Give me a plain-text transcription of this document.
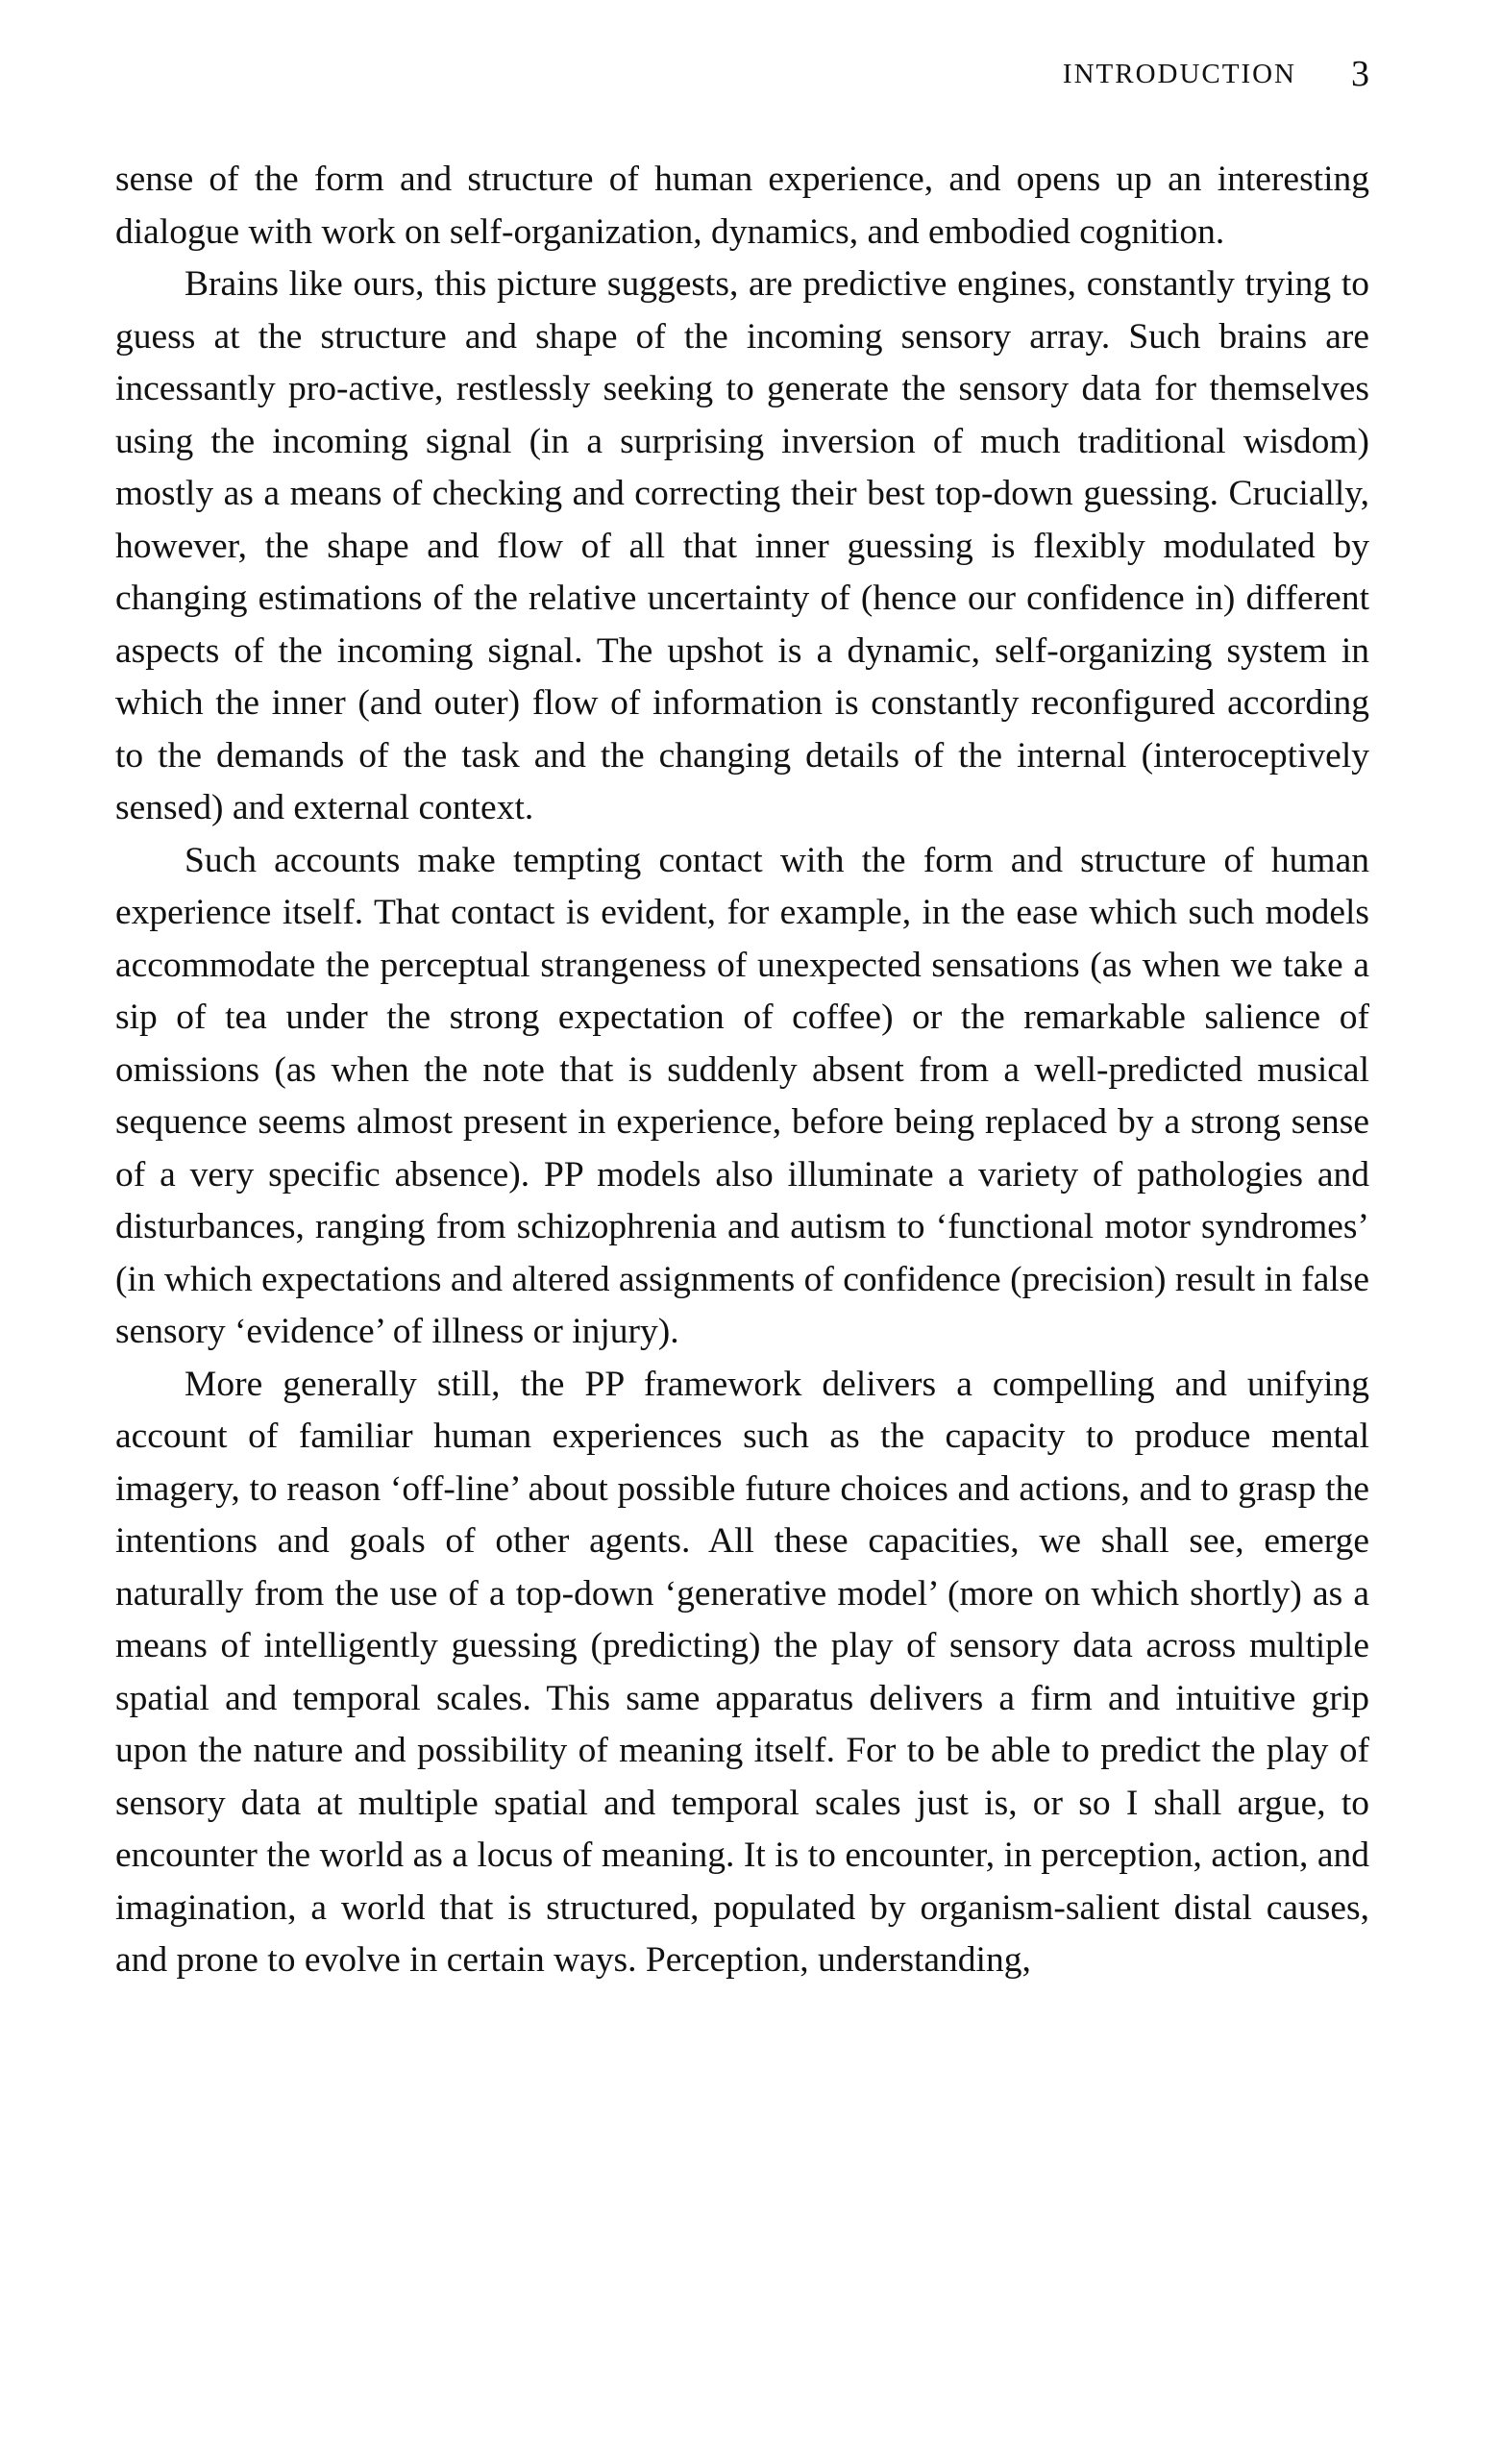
INTRODUCTION 3

sense of the form and structure of human experience, and opens up an interesting dialogue with work on self-organization, dynamics, and embodied cognition.

Brains like ours, this picture suggests, are predictive engines, constantly trying to guess at the structure and shape of the incoming sensory array. Such brains are incessantly pro-active, restlessly seeking to generate the sensory data for themselves using the incoming signal (in a surprising inversion of much traditional wisdom) mostly as a means of checking and correcting their best top-down guessing. Crucially, however, the shape and flow of all that inner guessing is flexibly modulated by changing estimations of the relative uncertainty of (hence our confidence in) different aspects of the incoming signal. The upshot is a dynamic, self-organizing system in which the inner (and outer) flow of information is constantly reconfigured according to the demands of the task and the changing details of the internal (interoceptively sensed) and external context.

Such accounts make tempting contact with the form and structure of human experience itself. That contact is evident, for example, in the ease which such models accommodate the perceptual strangeness of unexpected sensations (as when we take a sip of tea under the strong expectation of coffee) or the remarkable salience of omissions (as when the note that is suddenly absent from a well-predicted musical sequence seems almost present in experience, before being replaced by a strong sense of a very specific absence). PP models also illuminate a variety of pathologies and disturbances, ranging from schizophrenia and autism to ‘functional motor syndromes’ (in which expectations and altered assignments of confidence (precision) result in false sensory ‘evidence’ of illness or injury).

More generally still, the PP framework delivers a compelling and unifying account of familiar human experiences such as the capacity to produce mental imagery, to reason ‘off-line’ about possible future choices and actions, and to grasp the intentions and goals of other agents. All these capacities, we shall see, emerge naturally from the use of a top-down ‘generative model’ (more on which shortly) as a means of intelligently guessing (predicting) the play of sensory data across multiple spatial and temporal scales. This same apparatus delivers a firm and intuitive grip upon the nature and possibility of meaning itself. For to be able to predict the play of sensory data at multiple spatial and temporal scales just is, or so I shall argue, to encounter the world as a locus of meaning. It is to encounter, in perception, action, and imagination, a world that is structured, populated by organism-salient distal causes, and prone to evolve in certain ways. Perception, understanding,
